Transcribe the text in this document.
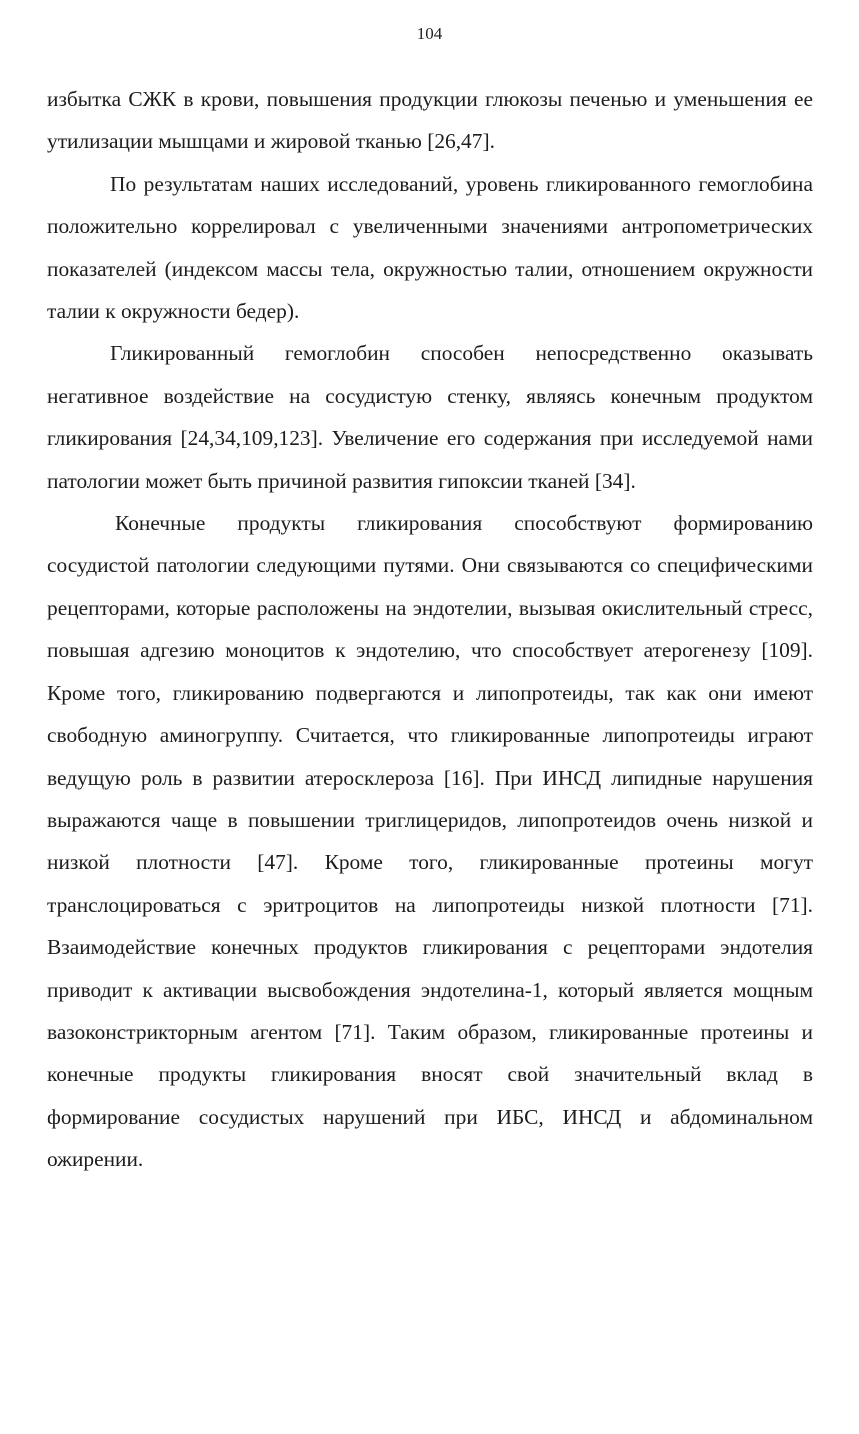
104

избытка СЖК в крови, повышения продукции глюкозы печенью и уменьшения ее утилизации мышцами и жировой тканью [26,47].

По результатам наших исследований, уровень гликированного гемоглобина положительно коррелировал с увеличенными значениями антропометрических показателей (индексом массы тела, окружностью талии, отношением окружности талии к окружности бедер).

Гликированный гемоглобин способен непосредственно оказывать негативное воздействие на сосудистую стенку, являясь конечным продуктом гликирования [24,34,109,123]. Увеличение его содержания при исследуемой нами патологии может быть причиной развития гипоксии тканей [34].

Конечные продукты гликирования способствуют формированию сосудистой патологии следующими путями. Они связываются со специфическими рецепторами, которые расположены на эндотелии, вызывая окислительный стресс, повышая адгезию моноцитов к эндотелию, что способствует атерогенезу [109]. Кроме того, гликированию подвергаются и липопротеиды, так как они имеют свободную аминогруппу. Считается, что гликированные липопротеиды играют ведущую роль в развитии атеросклероза [16]. При ИНСД липидные нарушения выражаются чаще в повышении триглицеридов, липопротеидов очень низкой и низкой плотности [47]. Кроме того, гликированные протеины могут транслоцироваться с эритроцитов на липопротеиды низкой плотности [71]. Взаимодействие конечных продуктов гликирования с рецепторами эндотелия приводит к активации высвобождения эндотелина-1, который является мощным вазоконстрикторным агентом [71]. Таким образом, гликированные протеины и конечные продукты гликирования вносят свой значительный вклад в формирование сосудистых нарушений при ИБС, ИНСД и абдоминальном ожирении.
